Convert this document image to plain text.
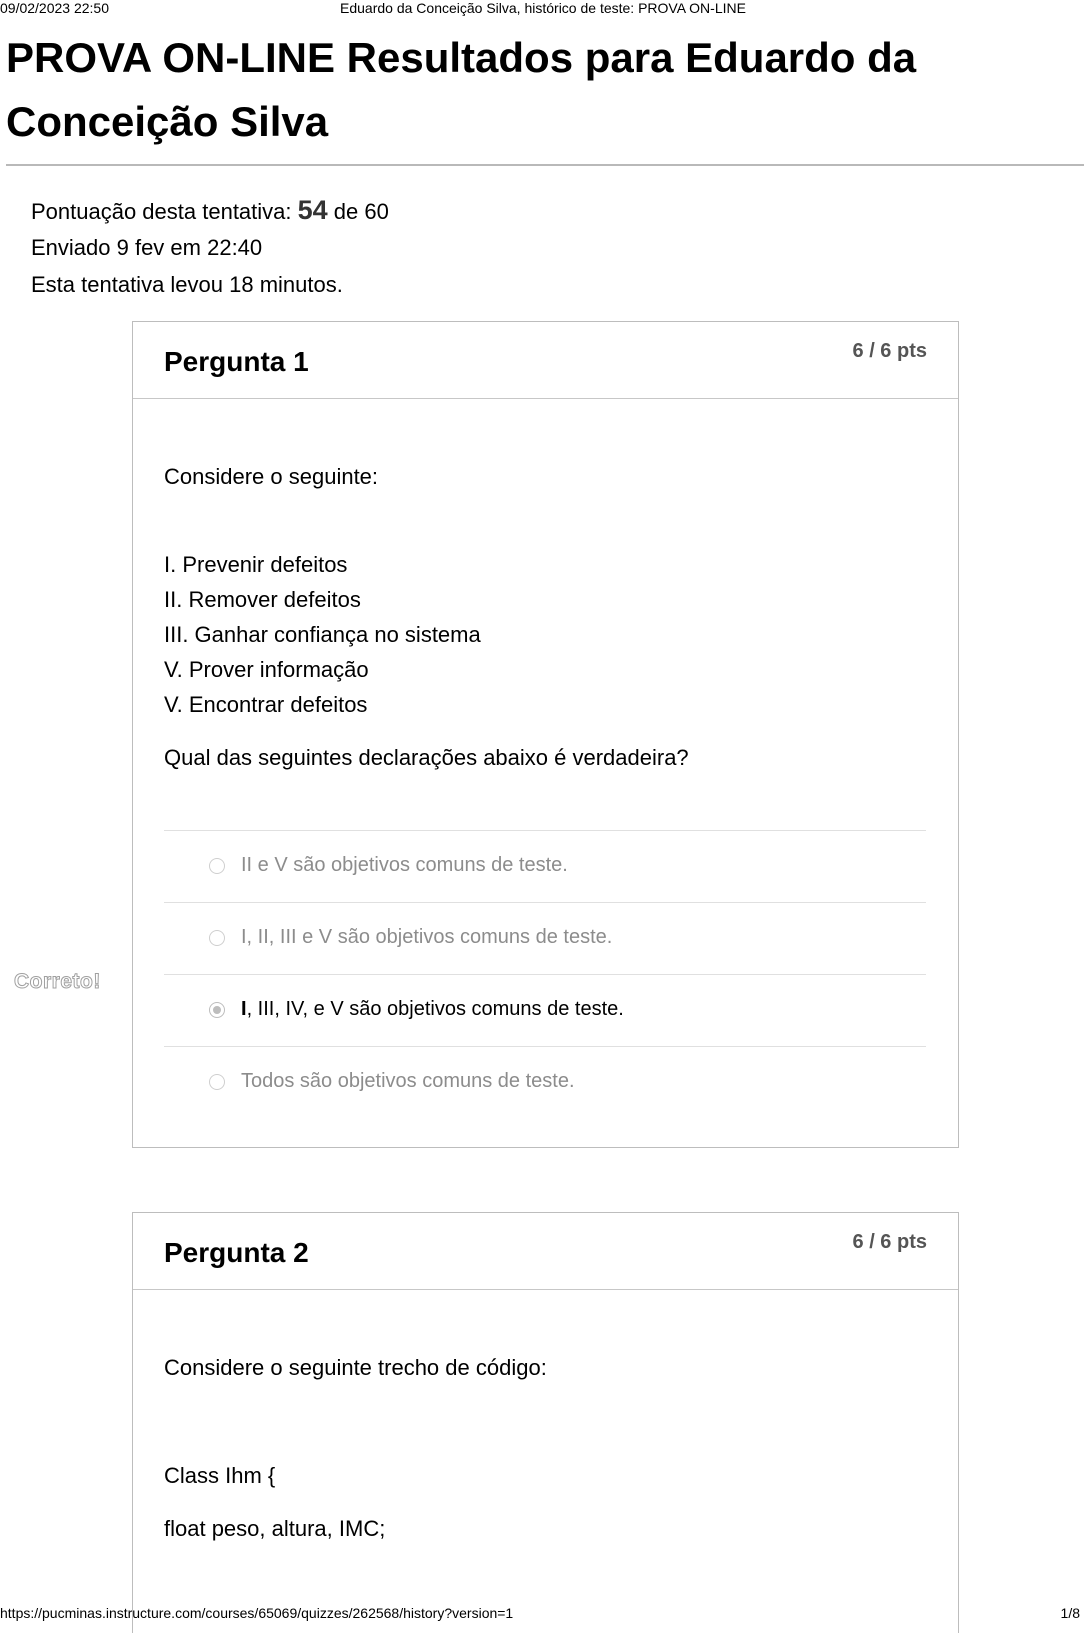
09/02/2023 22:50	Eduardo da Conceição Silva, histórico de teste: PROVA ON-LINE
PROVA ON-LINE Resultados para Eduardo da Conceição Silva
Pontuação desta tentativa: 54 de 60
Enviado 9 fev em 22:40
Esta tentativa levou 18 minutos.
Pergunta 1	6 / 6 pts
Considere o seguinte:
I. Prevenir defeitos
II. Remover defeitos
III. Ganhar confiança no sistema
V. Prover informação
V. Encontrar defeitos
Qual das seguintes declarações abaixo é verdadeira?
II e V são objetivos comuns de teste.
I, II, III e V são objetivos comuns de teste.
I, III, IV, e V são objetivos comuns de teste.
Todos são objetivos comuns de teste.
Correto!
Pergunta 2	6 / 6 pts
Considere o seguinte trecho de código:
Class Ihm {
float peso, altura, IMC;
https://pucminas.instructure.com/courses/65069/quizzes/262568/history?version=1	1/8
